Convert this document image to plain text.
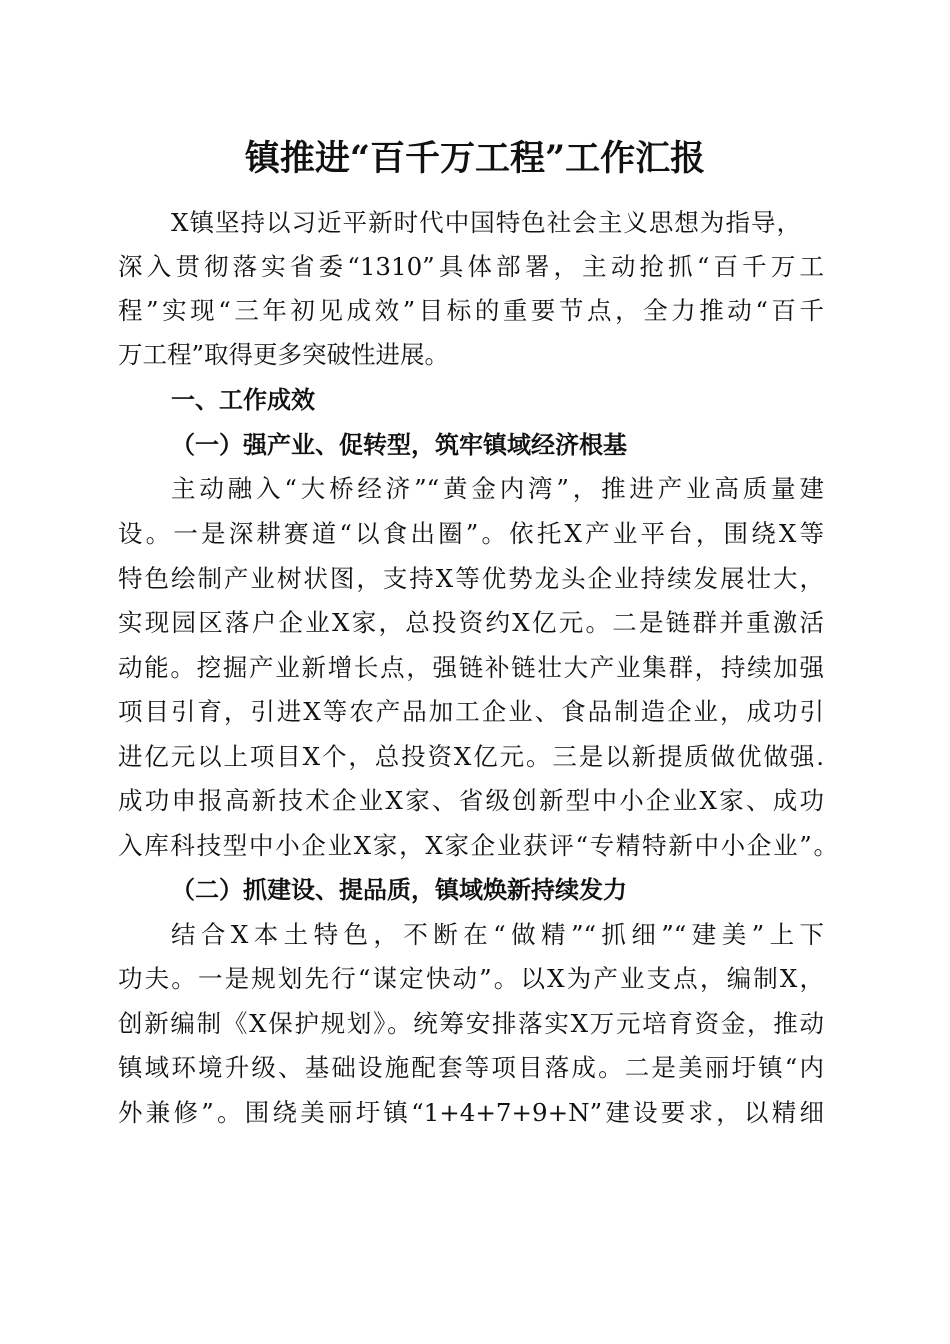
镇推进“百千万工程”工作汇报
X镇坚持以习近平新时代中国特色社会主义思想为指导，
深入贯彻落实省委“1310”具体部署，主动抢抓“百千万工
程”实现“三年初见成效”目标的重要节点，全力推动“百千
万工程”取得更多突破性进展。
一、工作成效
（一）强产业、促转型，筑牢镇域经济根基
主动融入“大桥经济”“黄金内湾”，推进产业高质量建
设。一是深耕赛道“以食出圈”。依托X产业平台，围绕X等
特色绘制产业树状图，支持X等优势龙头企业持续发展壮大，
实现园区落户企业X家，总投资约X亿元。二是链群并重激活
动能。挖掘产业新增长点，强链补链壮大产业集群，持续加强
项目引育，引进X等农产品加工企业、食品制造企业，成功引
进亿元以上项目X个，总投资X亿元。三是以新提质做优做强.
成功申报高新技术企业X家、省级创新型中小企业X家、成功
入库科技型中小企业X家，X家企业获评“专精特新中小企业”。
（二）抓建设、提品质，镇域焕新持续发力
结合X本土特色，不断在“做精”“抓细”“建美”上下
功夫。一是规划先行“谋定快动”。以X为产业支点，编制X，
创新编制《X保护规划》。统筹安排落实X万元培育资金，推动
镇域环境升级、基础设施配套等项目落成。二是美丽圩镇“内
外兼修”。围绕美丽圩镇“1+4+7+9+N”建设要求，以精细
